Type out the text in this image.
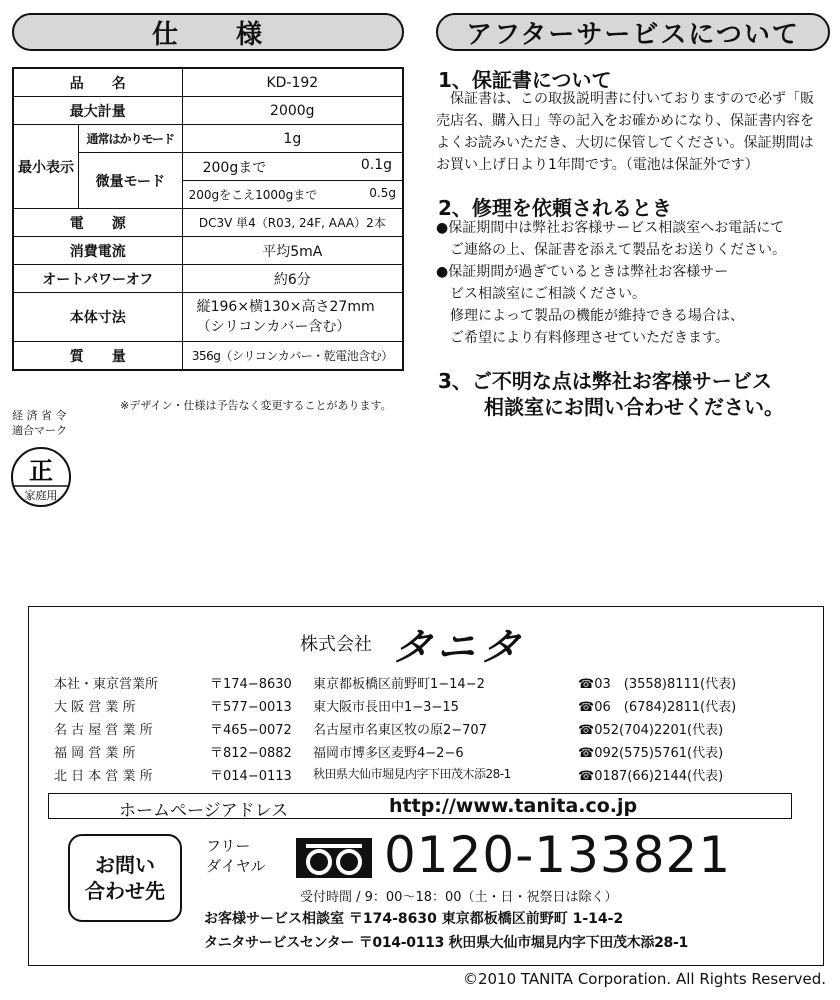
仕　　様
品　　名		KD-192
最大計量		2000g
最小表示	通常はかりモード	1g
	微量モード	200gまで 0.1g

		200gをこえ1000gまで 0.5g

電　　源		DC3V 単4（R03, 24F, AAA）2本
消費電流		平均5mA
オートパワーオフ		約6分
本体寸法		縦196×横130×高さ27mm
（シリコンカバー含む）

質　　量		356g（シリコンカバー・乾電池含む）
※デザイン・仕様は予告なく変更することがあります。
経 済 省 令
適合マーク
正
家庭用
アフターサービスについて
1、保証書について
　保証書は、この取扱説明書に付いておりますので必ず「販
売店名、購入日」等の記入をお確かめになり、保証書内容を
よくお読みいただき、大切に保管してください。保証期間は
お買い上げ日より1年間です。（電池は保証外です）
2、修理を依頼されるとき
●保証期間中は弊社お客様サービス相談室へお電話にて
　ご連絡の上、保証書を添えて製品をお送りください。
●保証期間が過ぎているときは弊社お客様サー
　ビス相談室にご相談ください。
　修理によって製品の機能が維持できる場合は、
　ご希望により有料修理させていただきます。
3、ご不明な点は弊社お客様サービス
相談室にお問い合わせください。
株式会社 タニタ
本社・東京営業所	〒174−8630 東京都板橋区前野町1−14−2	☎03　(3558)8111(代表)
大 阪 営 業 所	〒577−0013 東大阪市長田中1−3−15	☎06　(6784)2811(代表)
名 古 屋 営 業 所	〒465−0072 名古屋市名東区牧の原2−707	☎052(704)2201(代表)
福 岡 営 業 所	〒812−0882 福岡市博多区麦野4−2−6	☎092(575)5761(代表)
北 日 本 営 業 所	〒014−0113 秋田県大仙市堀見内字下田茂木添28-1	☎0187(66)2144(代表)
ホームページアドレス	http://www.tanita.co.jp
お問い
合わせ先
フリー
ダイヤル 0120-133821
受付時間 / 9：00〜18：00（土・日・祝祭日は除く）
お客様サービス相談室 〒174-8630 東京都板橋区前野町 1-14-2
タニタサービスセンター 〒014-0113 秋田県大仙市堀見内字下田茂木添28-1
©2010 TANITA Corporation. All Rights Reserved.
